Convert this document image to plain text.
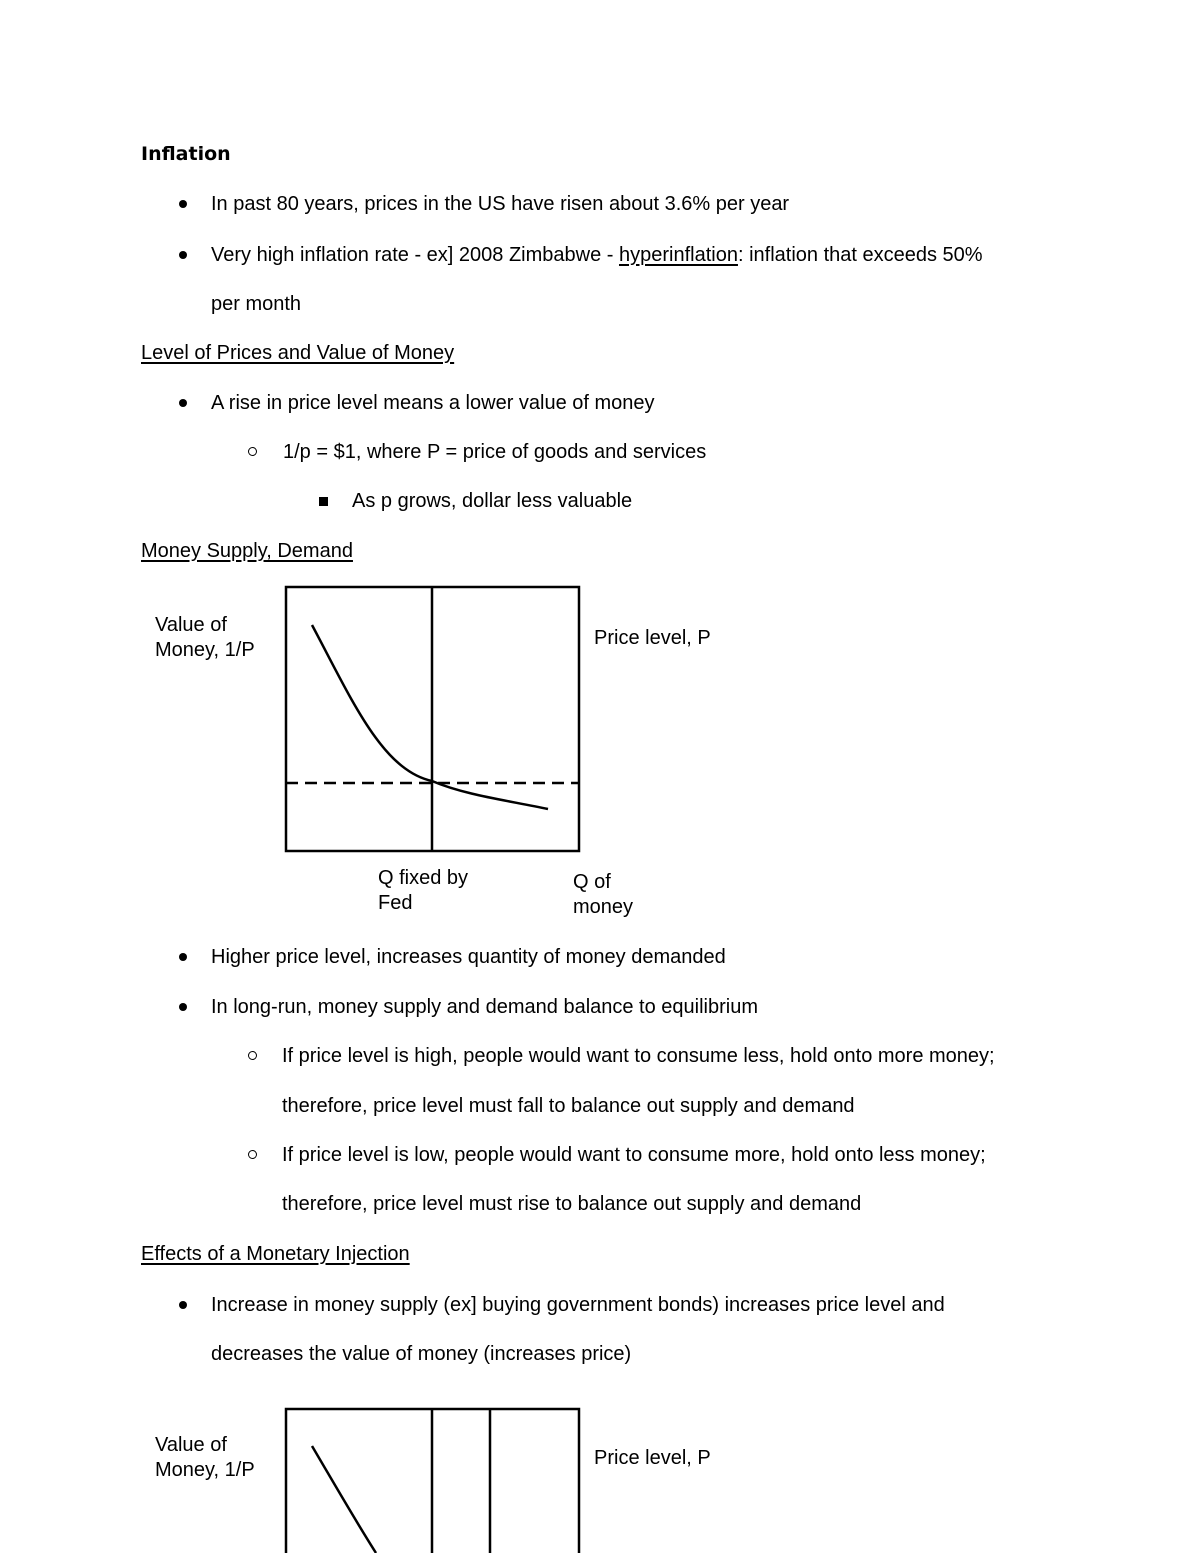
Inflation
In past 80 years, prices in the US have risen about 3.6% per year
Very high inflation rate - ex] 2008 Zimbabwe - hyperinflation: inflation that exceeds 50%
per month
Level of Prices and Value of Money
A rise in price level means a lower value of money
1/p = $1, where P = price of goods and services
As p grows, dollar less valuable
Money Supply, Demand
Value of
Money, 1/P
Price level, P
Q fixed by
Fed
Q of
money
Higher price level, increases quantity of money demanded
In long-run, money supply and demand balance to equilibrium
If price level is high, people would want to consume less, hold onto more money;
therefore, price level must fall to balance out supply and demand
If price level is low, people would want to consume more, hold onto less money;
therefore, price level must rise to balance out supply and demand
Effects of a Monetary Injection
Increase in money supply (ex] buying government bonds) increases price level and
decreases the value of money (increases price)
Value of
Money, 1/P
Price level, P
